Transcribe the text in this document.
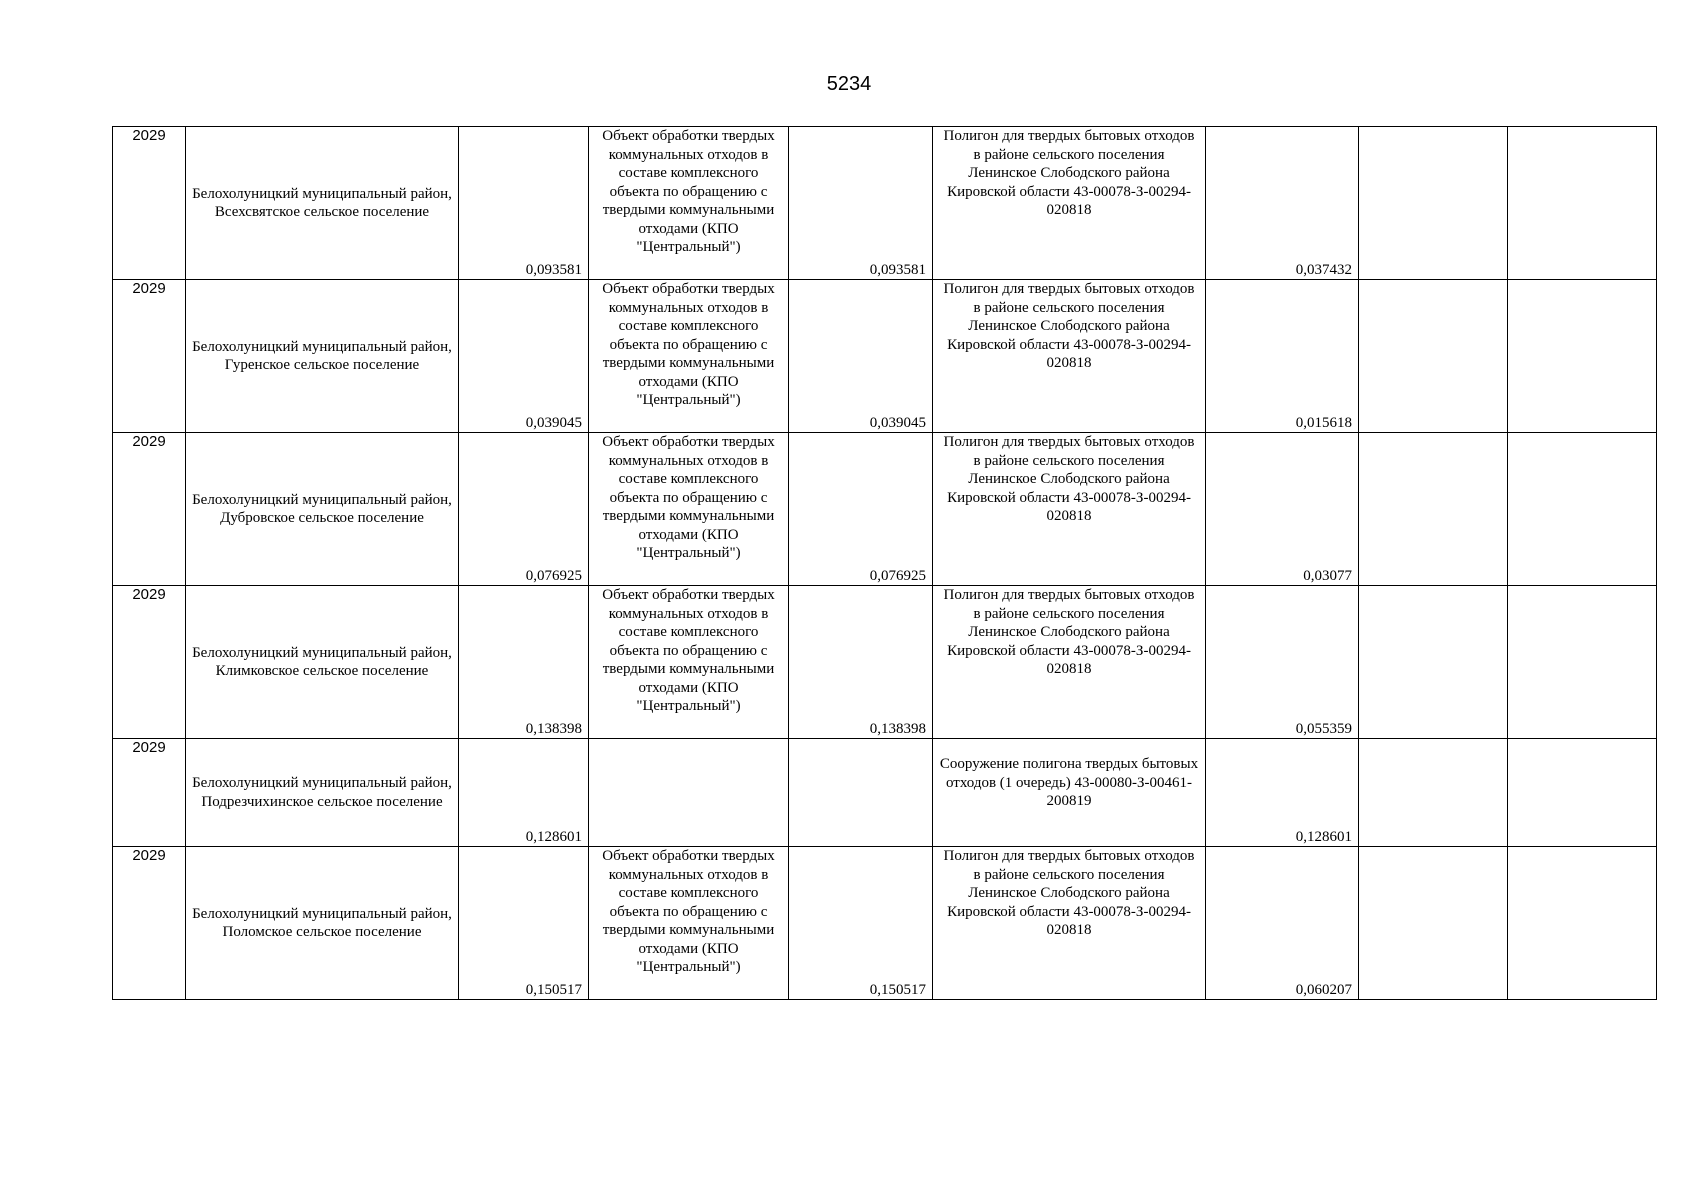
5234
2029	Белохолуницкий муниципальный район, Всехсвятское сельское поселение	0,093581	Объект обработки твердых коммунальных отходов в составе комплексного объекта по обращению с твердыми коммунальными отходами (КПО "Центральный")	0,093581	Полигон для твердых бытовых отходов в районе сельского поселения Ленинское Слободского района Кировской области 43-00078-З-00294-020818	0,037432		
2029	Белохолуницкий муниципальный район, Гуренское сельское поселение	0,039045	Объект обработки твердых коммунальных отходов в составе комплексного объекта по обращению с твердыми коммунальными отходами (КПО "Центральный")	0,039045	Полигон для твердых бытовых отходов в районе сельского поселения Ленинское Слободского района Кировской области 43-00078-З-00294-020818	0,015618		
2029	Белохолуницкий муниципальный район, Дубровское сельское поселение	0,076925	Объект обработки твердых коммунальных отходов в составе комплексного объекта по обращению с твердыми коммунальными отходами (КПО "Центральный")	0,076925	Полигон для твердых бытовых отходов в районе сельского поселения Ленинское Слободского района Кировской области 43-00078-З-00294-020818	0,03077		
2029	Белохолуницкий муниципальный район, Климковское сельское поселение	0,138398	Объект обработки твердых коммунальных отходов в составе комплексного объекта по обращению с твердыми коммунальными отходами (КПО "Центральный")	0,138398	Полигон для твердых бытовых отходов в районе сельского поселения Ленинское Слободского района Кировской области 43-00078-З-00294-020818	0,055359		
2029	Белохолуницкий муниципальный район, Подрезчихинское сельское поселение	0,128601			Сооружение полигона твердых бытовых отходов (1 очередь) 43-00080-З-00461-200819	0,128601		
2029	Белохолуницкий муниципальный район, Поломское сельское поселение	0,150517	Объект обработки твердых коммунальных отходов в составе комплексного объекта по обращению с твердыми коммунальными отходами (КПО "Центральный")	0,150517	Полигон для твердых бытовых отходов в районе сельского поселения Ленинское Слободского района Кировской области 43-00078-З-00294-020818	0,060207		
